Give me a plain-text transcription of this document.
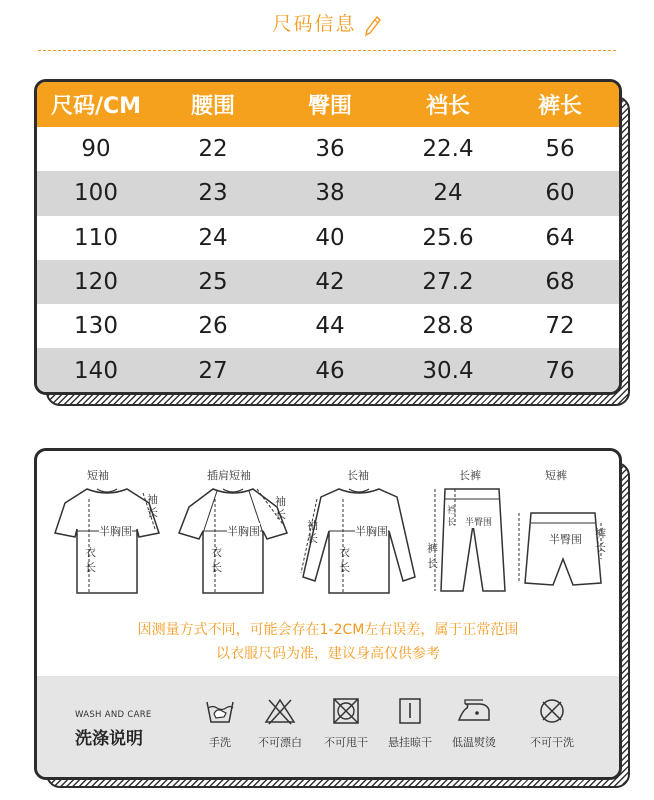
尺码信息
尺码/CM	腰围	臀围	裆长	裤长
90	22	36	22.4	56
100	23	38	24	60
110	24	40	25.6	64
120	25	42	27.2	68
130	26	44	28.8	72
140	27	46	30.4	76
短袖
半胸围
衣长
袖长
插肩短袖
半胸围
衣长
袖长
长袖
半胸围
衣长
袖长
长裤
半臀围
裆长
裤长
短裤
半臀围 裤长
因测量方式不同，可能会存在1-2CM左右误差，属于正常范围
以衣服尺码为准，建议身高仅供参考
WASH AND CARE
洗涤说明	手洗	不可漂白	不可甩干	悬挂晾干	低温熨烫	不可干洗
